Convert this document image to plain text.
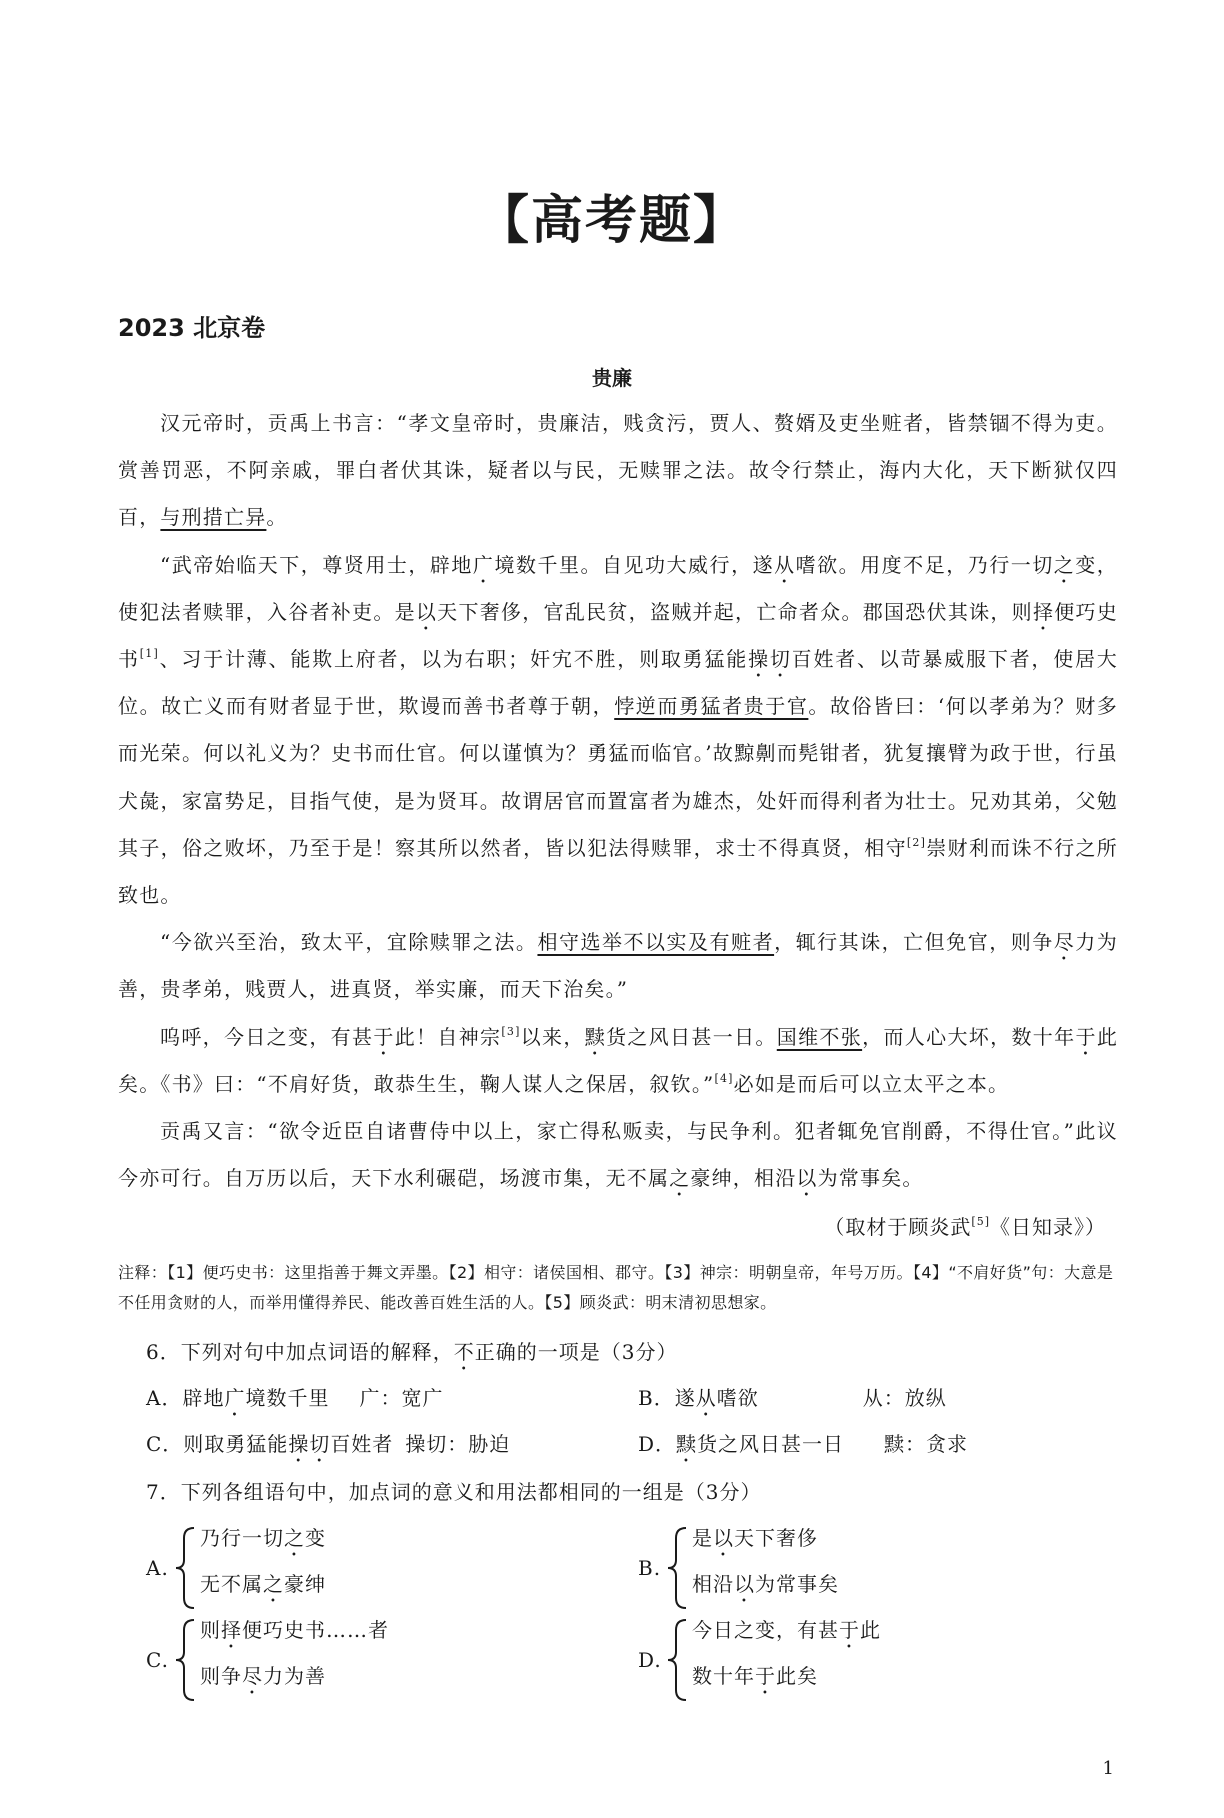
【高考题】
2023 北京卷
贵廉

汉元帝时，贡禹上书言：“孝文皇帝时，贵廉洁，贱贪污，贾人、赘婿及吏坐赃者，皆禁锢不得为吏。赏善罚恶，不阿亲戚，罪白者伏其诛，疑者以与民，无赎罪之法。故令行禁止，海内大化，天下断狱仅四百，与刑措亡异。

“武帝始临天下，尊贤用士，辟地广境数千里。自见功大威行，遂从嗜欲。用度不足，乃行一切之变，使犯法者赎罪，入谷者补吏。是以天下奢侈，官乱民贫，盗贼并起，亡命者众。郡国恐伏其诛，则择便巧史书[1]、习于计薄、能欺上府者，以为右职；奸宄不胜，则取勇猛能操切百姓者、以苛暴威服下者，使居大位。故亡义而有财者显于世，欺谩而善书者尊于朝，悖逆而勇猛者贵于官。故俗皆曰：‘何以孝弟为？财多而光荣。何以礼义为？史书而仕官。何以谨慎为？勇猛而临官。’故黥劓而髡钳者，犹复攘臂为政于世，行虽犬彘，家富势足，目指气使，是为贤耳。故谓居官而置富者为雄杰，处奸而得利者为壮士。兄劝其弟，父勉其子，俗之败坏，乃至于是！察其所以然者，皆以犯法得赎罪，求士不得真贤，相守[2]崇财利而诛不行之所致也。

“今欲兴至治，致太平，宜除赎罪之法。相守选举不以实及有赃者，辄行其诛，亡但免官，则争尽力为善，贵孝弟，贱贾人，进真贤，举实廉，而天下治矣。”

呜呼，今日之变，有甚于此！自神宗[3]以来，黩货之风日甚一日。国维不张，而人心大坏，数十年于此矣。《书》曰：“不肩好货，敢恭生生，鞠人谋人之保居，叙钦。”[4]必如是而后可以立太平之本。

贡禹又言：“欲令近臣自诸曹侍中以上，家亡得私贩卖，与民争利。犯者辄免官削爵，不得仕官。”此议今亦可行。自万历以后，天下水利碾硙，场渡市集，无不属之豪绅，相沿以为常事矣。

（取材于顾炎武[5]《日知录》）
注释：【1】便巧史书：这里指善于舞文弄墨。【2】相守：诸侯国相、郡守。【3】神宗：明朝皇帝，年号万历。【4】“不肩好货”句：大意是不任用贪财的人，而举用懂得养民、能改善百姓生活的人。【5】顾炎武：明末清初思想家。
6．下列对句中加点词语的解释，不正确的一项是（3分）
A．辟地广境数千里 广：宽广	B．遂从嗜欲	从：放纵
C．则取勇猛能操切百姓者 操切：胁迫	D．黩货之风日甚一日 黩：贪求
7．下列各组语句中，加点词的意义和用法都相同的一组是（3分）
A.
乃行一切之变
无不属之豪绅
B.
是以天下奢侈
相沿以为常事矣
C.
则择便巧史书……者
则争尽力为善
D.
今日之变，有甚于此
数十年于此矣
1
